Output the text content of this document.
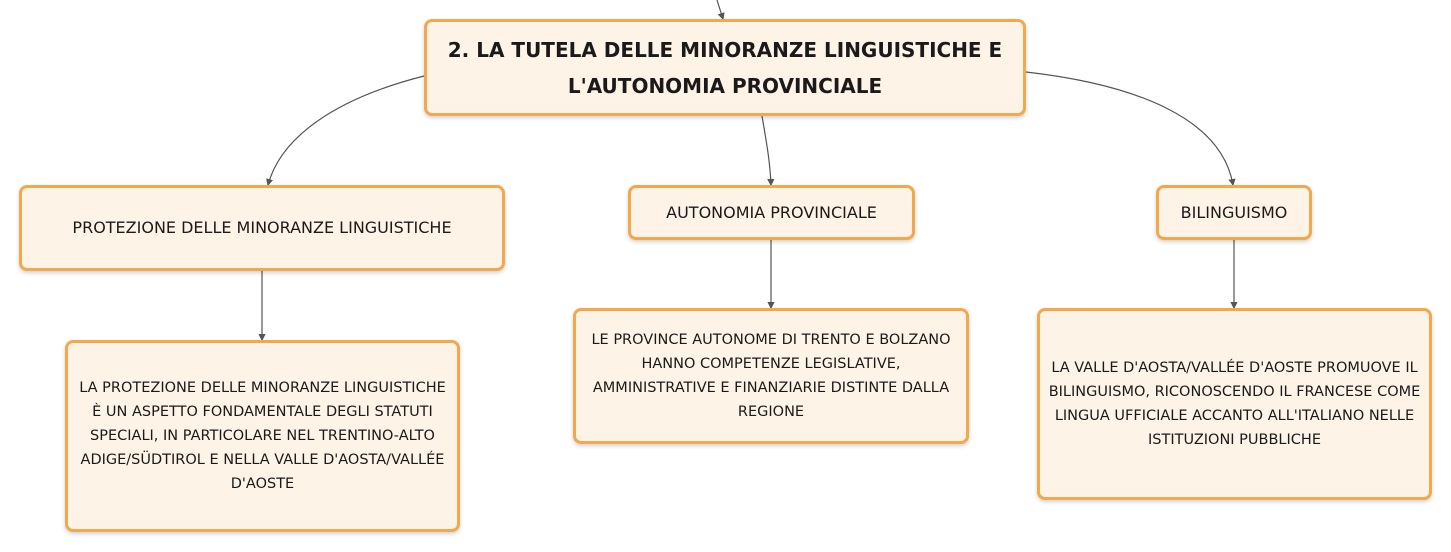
2. LA TUTELA DELLE MINORANZE LINGUISTICHE E L'AUTONOMIA PROVINCIALE
PROTEZIONE DELLE MINORANZE LINGUISTICHE
AUTONOMIA PROVINCIALE	BILINGUISMO
LA PROTEZIONE DELLE MINORANZE LINGUISTICHE È UN ASPETTO FONDAMENTALE DEGLI STATUTI SPECIALI, IN PARTICOLARE NEL TRENTINO-ALTO ADIGE/SÜDTIROL E NELLA VALLE D'AOSTA/VALLÉE D'AOSTE
LE PROVINCE AUTONOME DI TRENTO E BOLZANO HANNO COMPETENZE LEGISLATIVE, AMMINISTRATIVE E FINANZIARIE DISTINTE DALLA REGIONE
LA VALLE D'AOSTA/VALLÉE D'AOSTE PROMUOVE IL BILINGUISMO, RICONOSCENDO IL FRANCESE COME LINGUA UFFICIALE ACCANTO ALL'ITALIANO NELLE ISTITUZIONI PUBBLICHE
